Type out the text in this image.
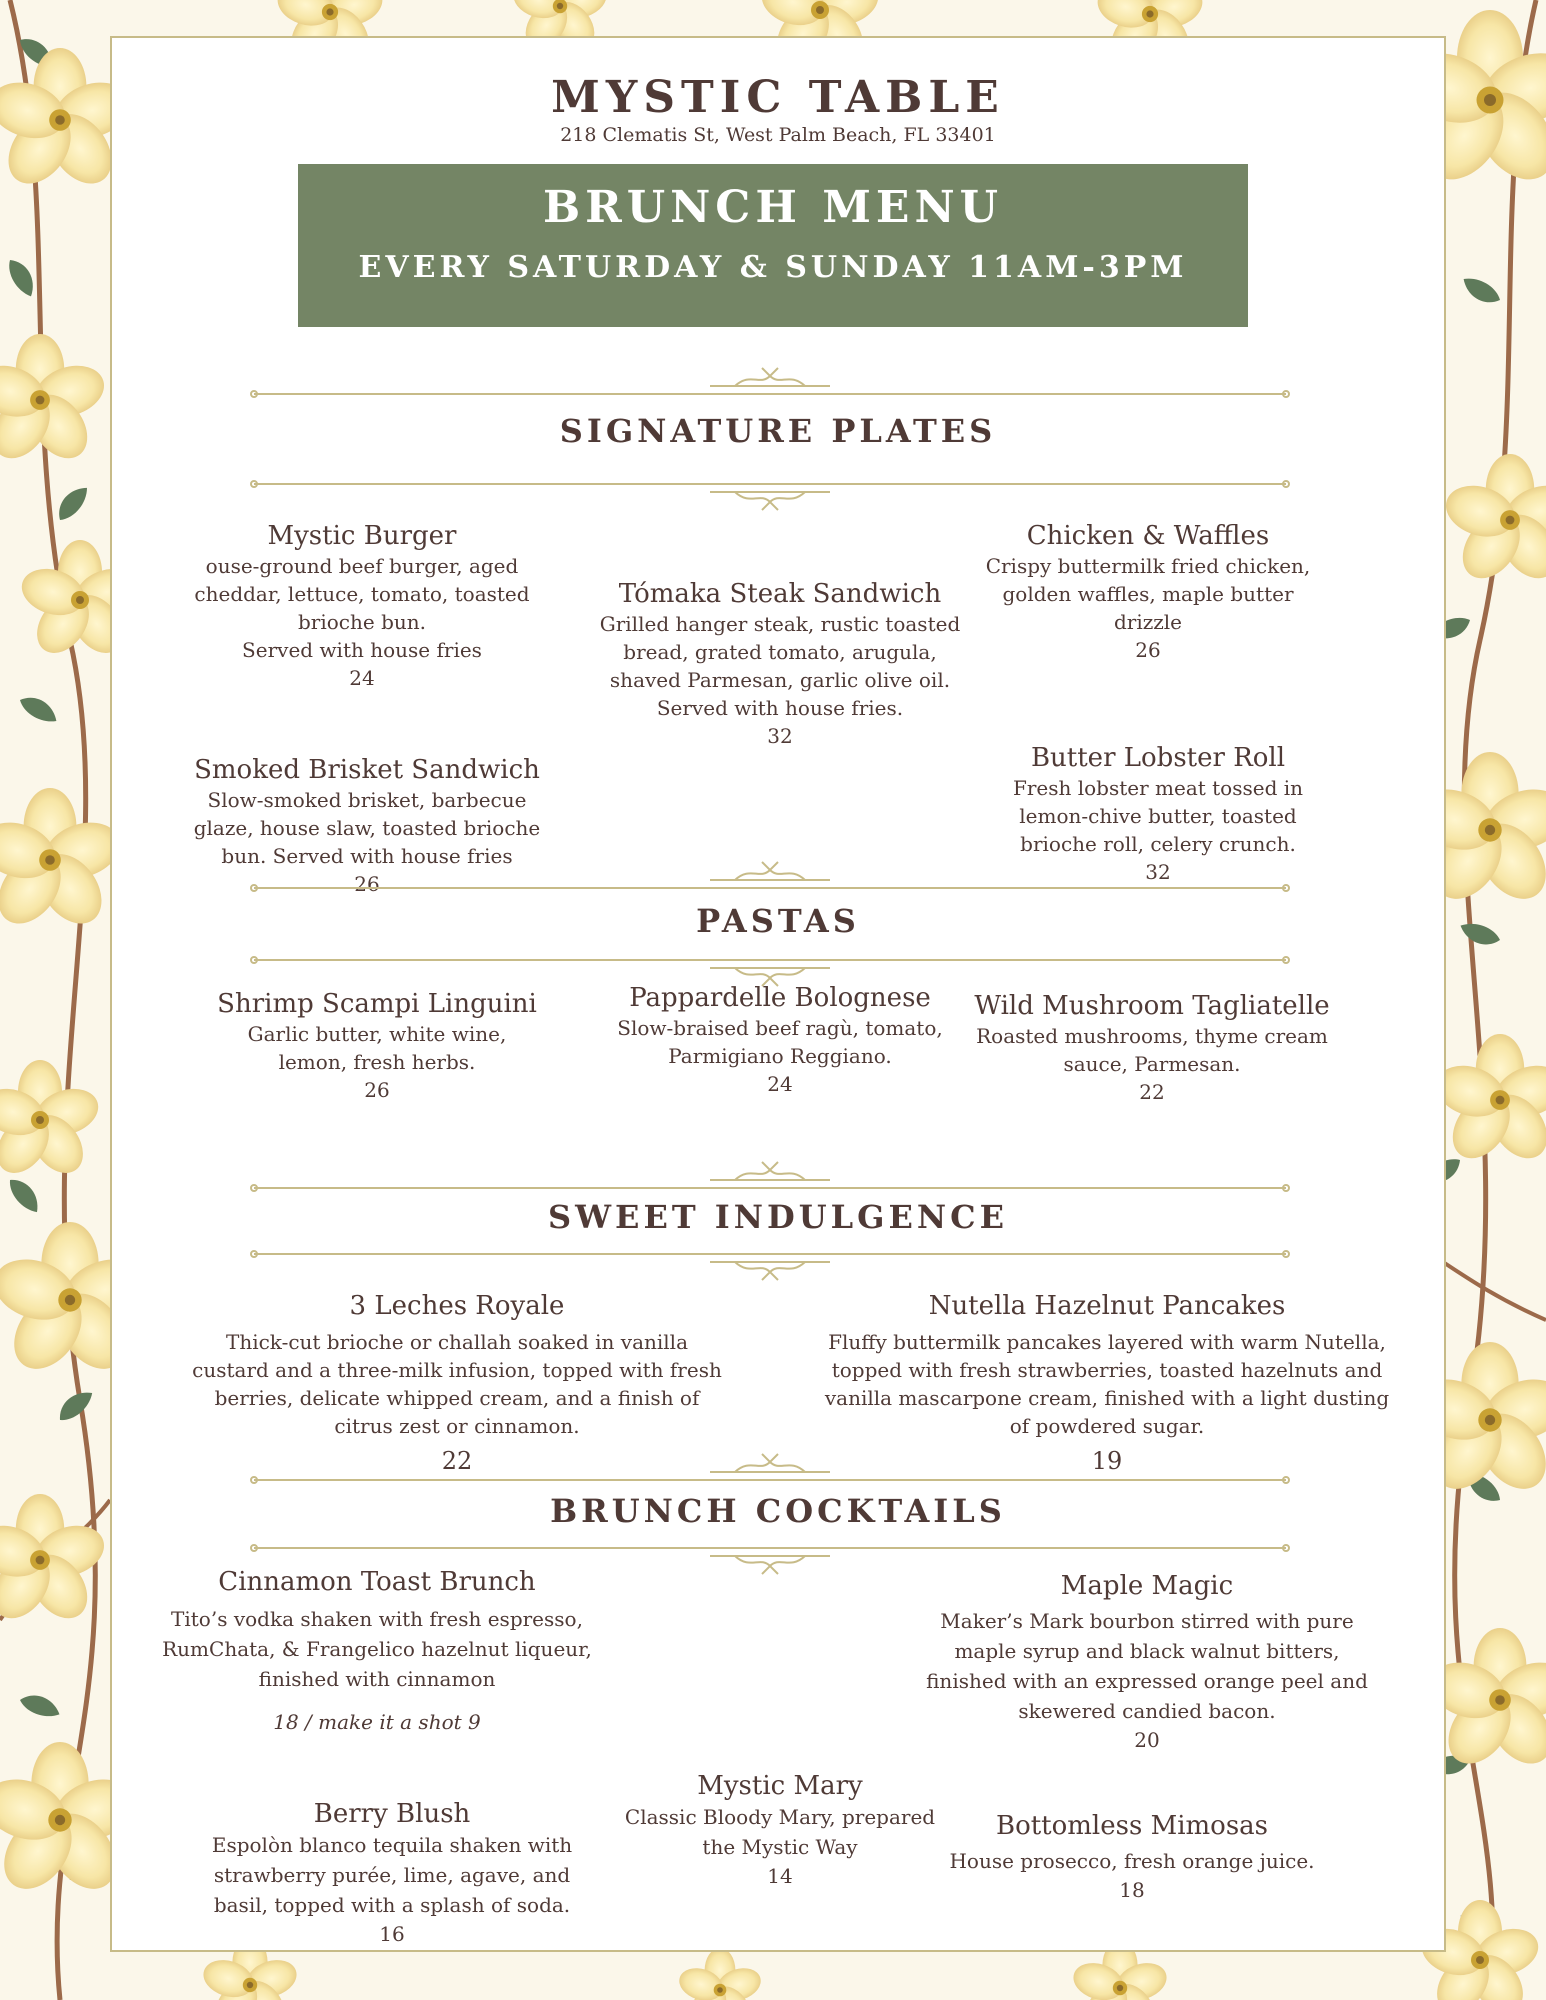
MYSTIC TABLE
218 Clematis St, West Palm Beach, FL 33401
BRUNCH MENU
EVERY SATURDAY & SUNDAY 11AM-3PM
SIGNATURE PLATES
Mystic Burger
ouse-ground beef burger, aged cheddar, lettuce, tomato, toasted brioche bun.
Served with house fries
24
Tómaka Steak Sandwich
Grilled hanger steak, rustic toasted bread, grated tomato, arugula, shaved Parmesan, garlic olive oil. Served with house fries.
32
Chicken & Waffles
Crispy buttermilk fried chicken, golden waffles, maple butter drizzle
26
Smoked Brisket Sandwich
Slow-smoked brisket, barbecue glaze, house slaw, toasted brioche bun. Served with house fries
26
Butter Lobster Roll
Fresh lobster meat tossed in lemon-chive butter, toasted brioche roll, celery crunch.
32
PASTAS
Shrimp Scampi Linguini
Garlic butter, white wine, lemon, fresh herbs.
26
Pappardelle Bolognese
Slow-braised beef ragù, tomato, Parmigiano Reggiano.
24
Wild Mushroom Tagliatelle
Roasted mushrooms, thyme cream sauce, Parmesan.
22
SWEET INDULGENCE
3 Leches Royale
Thick-cut brioche or challah soaked in vanilla custard and a three-milk infusion, topped with fresh berries, delicate whipped cream, and a finish of citrus zest or cinnamon.
22
Nutella Hazelnut Pancakes
Fluffy buttermilk pancakes layered with warm Nutella, topped with fresh strawberries, toasted hazelnuts and vanilla mascarpone cream, finished with a light dusting of powdered sugar.
19
BRUNCH COCKTAILS
Cinnamon Toast Brunch
Tito’s vodka shaken with fresh espresso, RumChata, & Frangelico hazelnut liqueur, finished with cinnamon
18 / make it a shot 9
Maple Magic
Maker’s Mark bourbon stirred with pure maple syrup and black walnut bitters, finished with an expressed orange peel and skewered candied bacon.
20
Mystic Mary
Classic Bloody Mary, prepared the Mystic Way
14
Berry Blush
Espolòn blanco tequila shaken with strawberry purée, lime, agave, and basil, topped with a splash of soda.
16
Bottomless Mimosas
House prosecco, fresh orange juice.
18
